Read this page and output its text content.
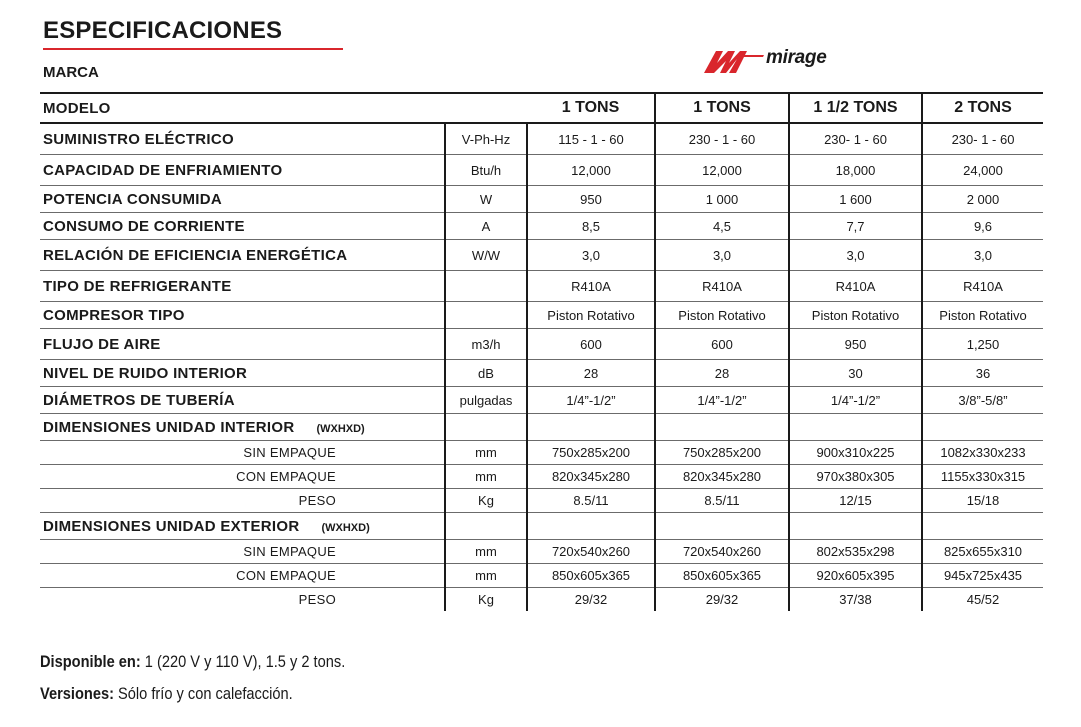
ESPECIFICACIONES
MARCA
mirage
MODELO		1 TONS	1 TONS	1 1/2 TONS	2 TONS
SUMINISTRO ELÉCTRICO	V-Ph-Hz	115 - 1 - 60	230 - 1 - 60	230- 1 - 60	230- 1 - 60
CAPACIDAD DE ENFRIAMIENTO	Btu/h	12,000	12,000	18,000	24,000
POTENCIA CONSUMIDA	W	950	1 000	1 600	2 000
CONSUMO DE CORRIENTE	A	8,5	4,5	7,7	9,6
RELACIÓN DE EFICIENCIA ENERGÉTICA	W/W	3,0	3,0	3,0	3,0
TIPO DE REFRIGERANTE		R410A	R410A	R410A	R410A
COMPRESOR TIPO		Piston Rotativo	Piston Rotativo	Piston Rotativo	Piston Rotativo
FLUJO DE AIRE	m3/h	600	600	950	1,250
NIVEL DE RUIDO INTERIOR	dB	28	28	30	36
DIÁMETROS DE TUBERÍA	pulgadas	1/4”-1/2”	1/4”-1/2”	1/4”-1/2”	3/8”-5/8”
DIMENSIONES UNIDAD INTERIOR (WXHXD)					
SIN EMPAQUE	mm	750x285x200	750x285x200	900x310x225	1082x330x233
CON EMPAQUE	mm	820x345x280	820x345x280	970x380x305	1155x330x315
PESO	Kg	8.5/11	8.5/11	12/15	15/18
DIMENSIONES UNIDAD EXTERIOR (WXHXD)					
SIN EMPAQUE	mm	720x540x260	720x540x260	802x535x298	825x655x310
CON EMPAQUE	mm	850x605x365	850x605x365	920x605x395	945x725x435
PESO	Kg	29/32	29/32	37/38	45/52
Disponible en: 1 (220 V y 110 V), 1.5 y 2 tons.
Versiones: Sólo frío y con calefacción.
